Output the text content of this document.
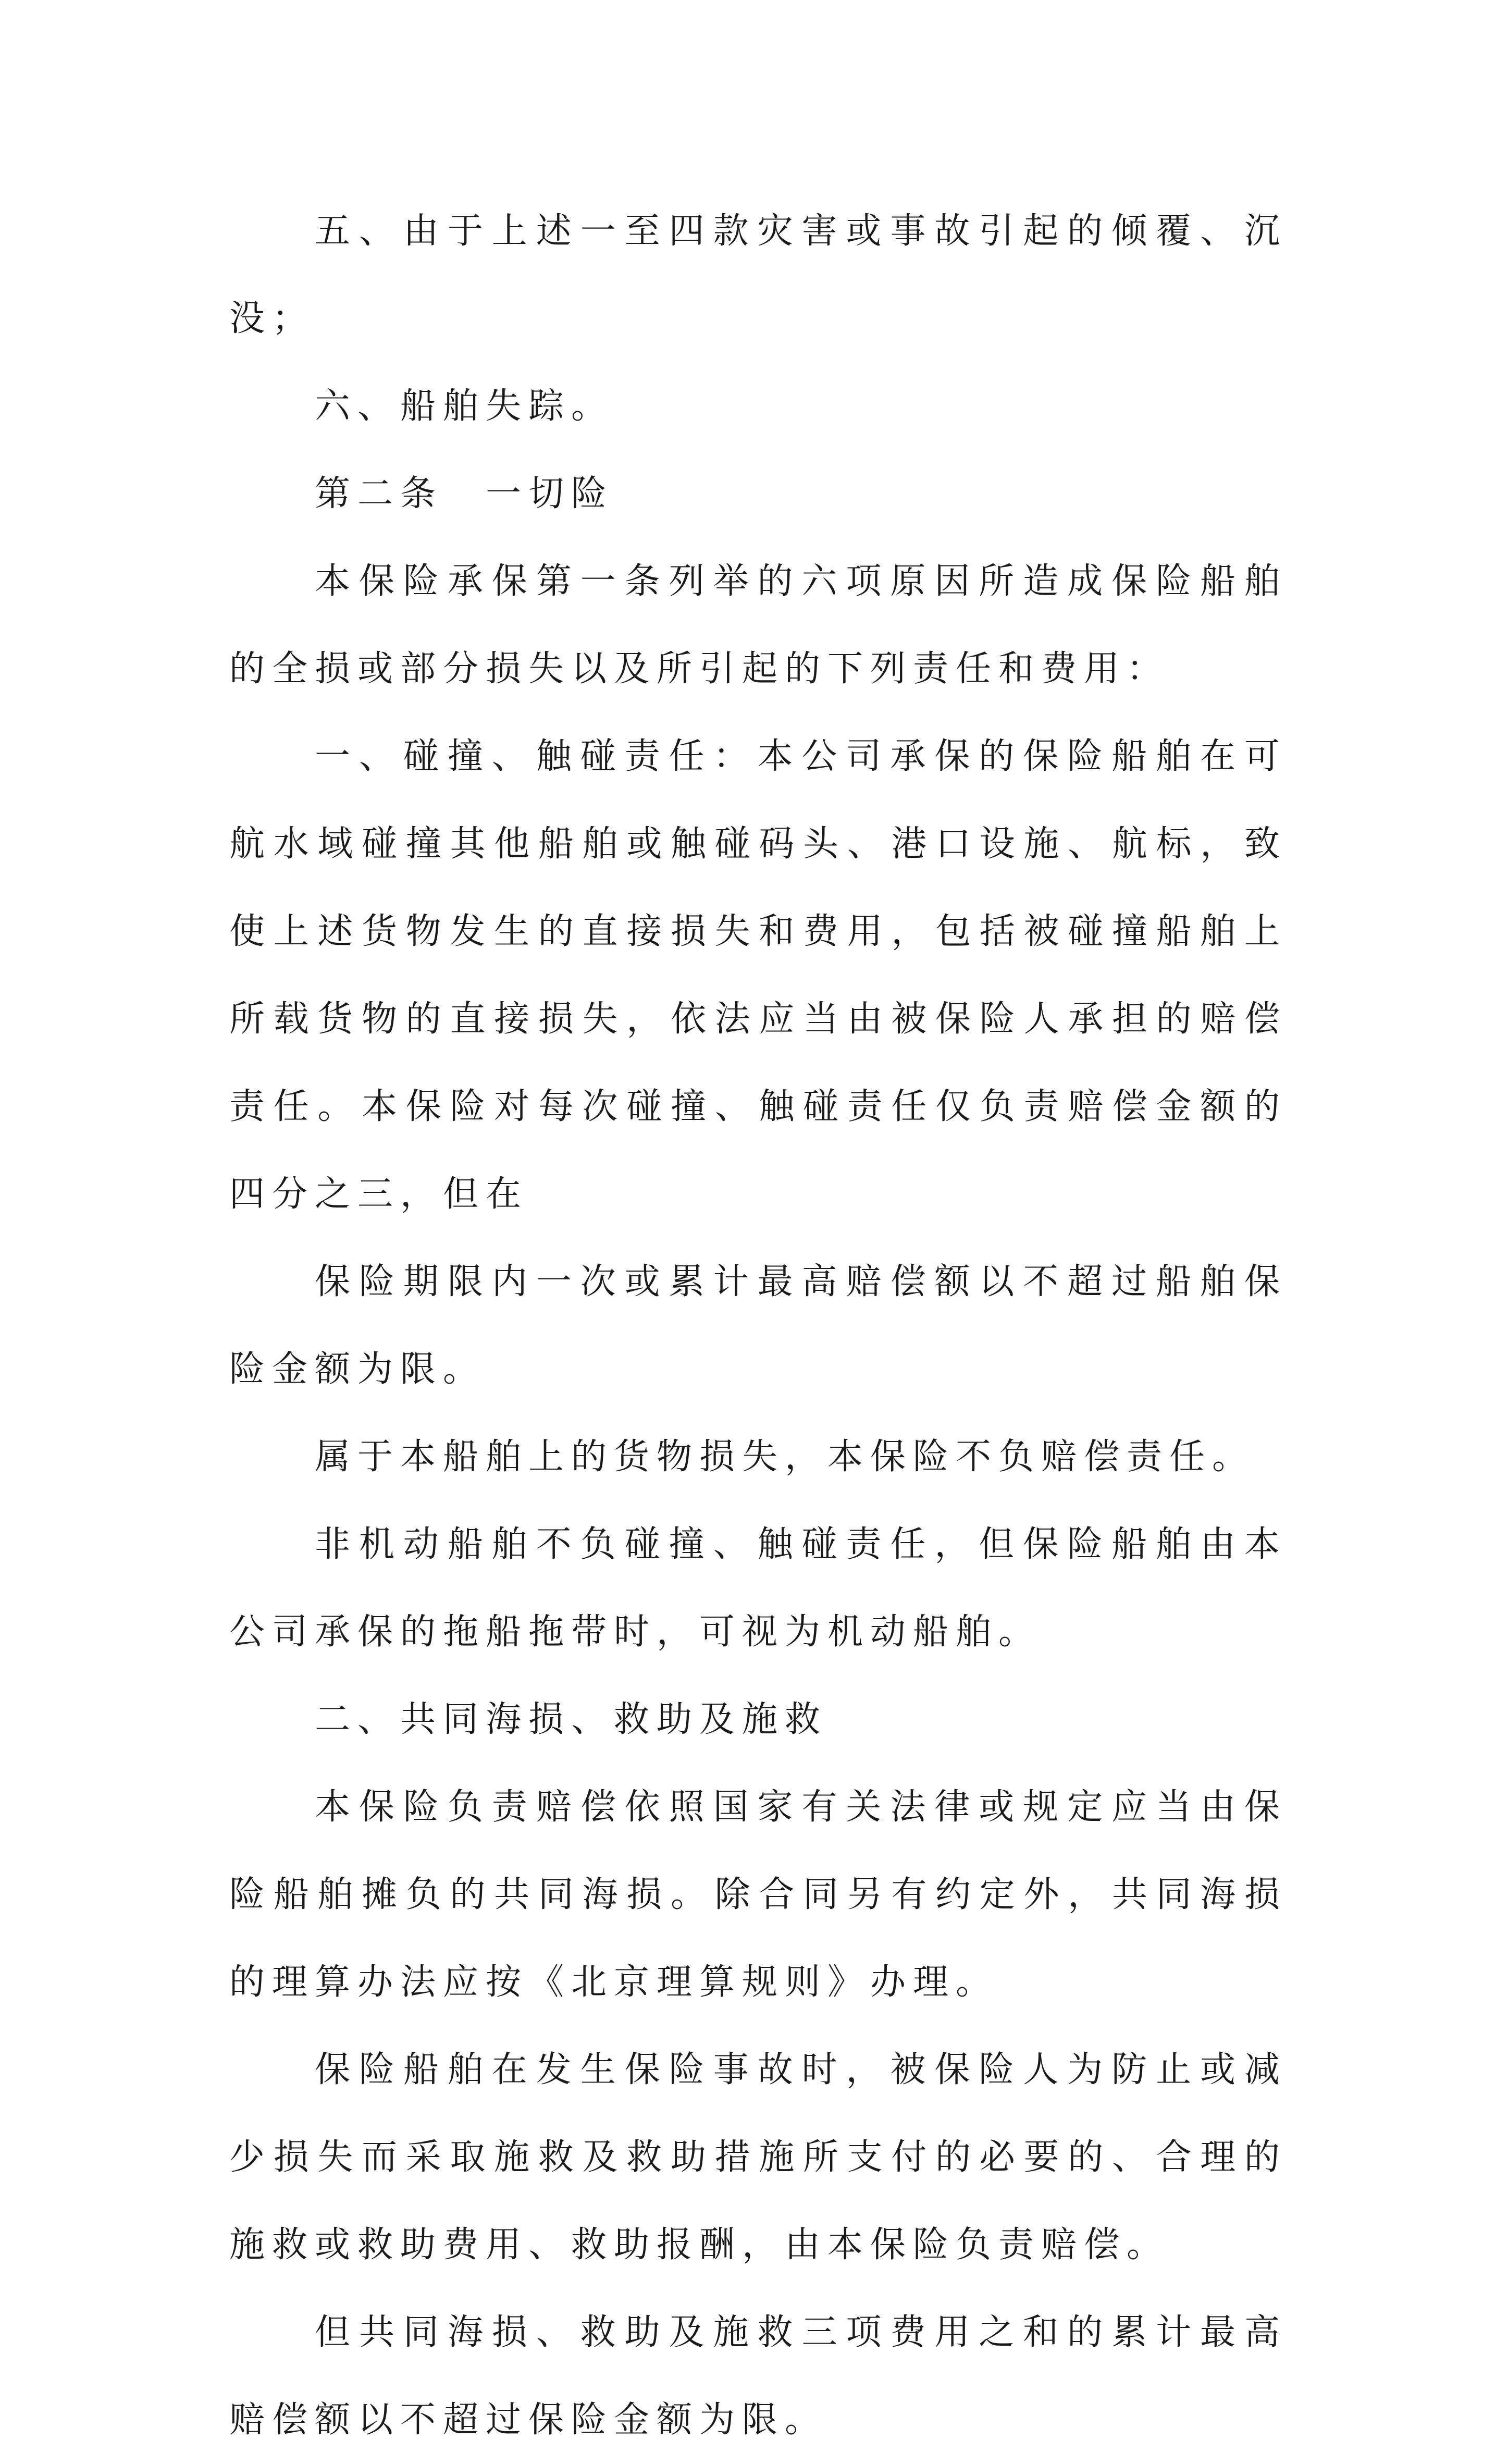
五、由于上述一至四款灾害或事故引起的倾覆、沉没；

六、船舶失踪。

第二条　一切险

本保险承保第一条列举的六项原因所造成保险船舶的全损或部分损失以及所引起的下列责任和费用：

一、碰撞、触碰责任：本公司承保的保险船舶在可航水域碰撞其他船舶或触碰码头、港口设施、航标，致使上述货物发生的直接损失和费用，包括被碰撞船舶上所载货物的直接损失，依法应当由被保险人承担的赔偿责任。本保险对每次碰撞、触碰责任仅负责赔偿金额的四分之三，但在

保险期限内一次或累计最高赔偿额以不超过船舶保险金额为限。

属于本船舶上的货物损失，本保险不负赔偿责任。

非机动船舶不负碰撞、触碰责任，但保险船舶由本公司承保的拖船拖带时，可视为机动船舶。

二、共同海损、救助及施救

本保险负责赔偿依照国家有关法律或规定应当由保险船舶摊负的共同海损。除合同另有约定外，共同海损的理算办法应按《北京理算规则》办理。

保险船舶在发生保险事故时，被保险人为防止或减少损失而采取施救及救助措施所支付的必要的、合理的施救或救助费用、救助报酬，由本保险负责赔偿。

但共同海损、救助及施救三项费用之和的累计最高赔偿额以不超过保险金额为限。
